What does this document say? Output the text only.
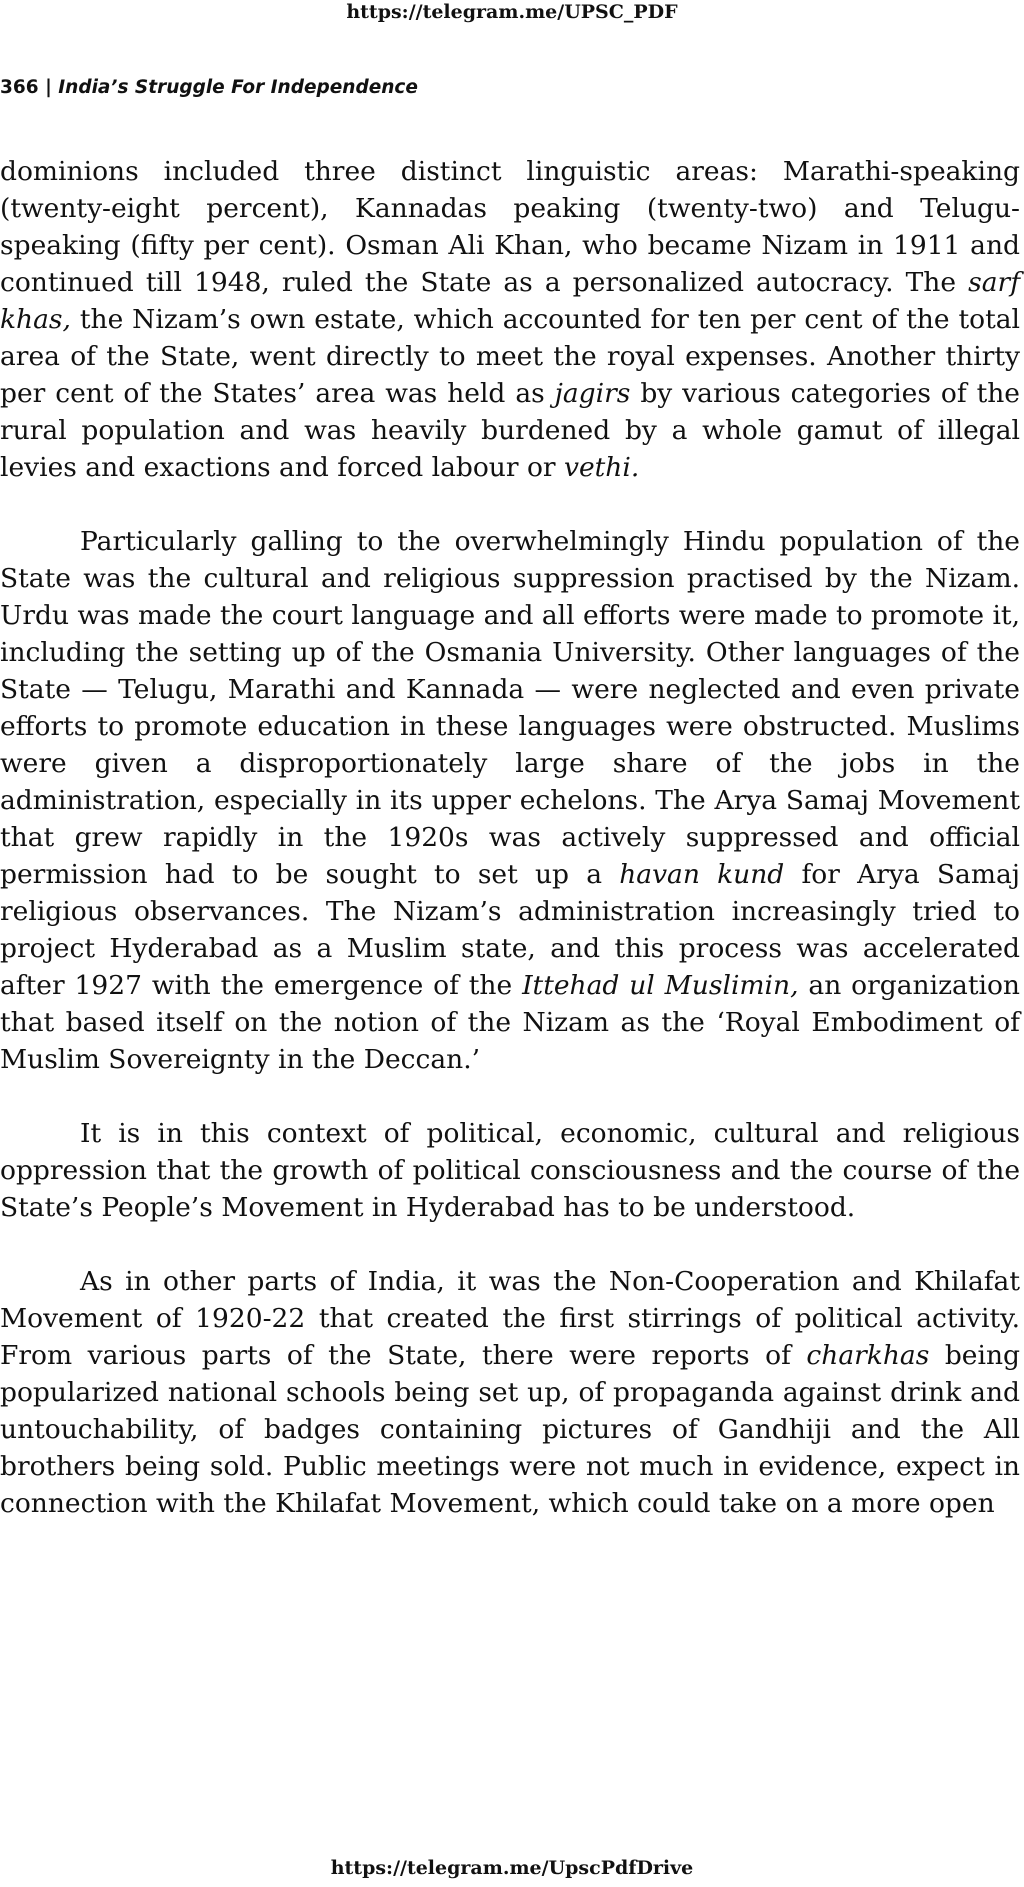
https://telegram.me/UPSC_PDF
366 | India’s Struggle For Independence

dominions included three distinct linguistic areas: Marathi-speaking (twenty-eight percent), Kannadas peaking (twenty-two) and Telugu-speaking (fifty per cent). Osman Ali Khan, who became Nizam in 1911 and continued till 1948, ruled the State as a personalized autocracy. The sarf khas, the Nizam’s own estate, which accounted for ten per cent of the total area of the State, went directly to meet the royal expenses. Another thirty per cent of the States’ area was held as jagirs by various categories of the rural population and was heavily burdened by a whole gamut of illegal levies and exactions and forced labour or vethi.

Particularly galling to the overwhelmingly Hindu population of the State was the cultural and religious suppression practised by the Nizam. Urdu was made the court language and all efforts were made to promote it, including the setting up of the Osmania University. Other languages of the State — Telugu, Marathi and Kannada — were neglected and even private efforts to promote education in these languages were obstructed. Muslims were given a disproportionately large share of the jobs in the administration, especially in its upper echelons. The Arya Samaj Movement that grew rapidly in the 1920s was actively suppressed and official permission had to be sought to set up a havan kund for Arya Samaj religious observances. The Nizam’s administration increasingly tried to project Hyderabad as a Muslim state, and this process was accelerated after 1927 with the emergence of the Ittehad ul Muslimin, an organization that based itself on the notion of the Nizam as the ‘Royal Embodiment of Muslim Sovereignty in the Deccan.’

It is in this context of political, economic, cultural and religious oppression that the growth of political consciousness and the course of the State’s People’s Movement in Hyderabad has to be understood.

As in other parts of India, it was the Non-Cooperation and Khilafat Movement of 1920-22 that created the first stirrings of political activity. From various parts of the State, there were reports of charkhas being popularized national schools being set up, of propaganda against drink and untouchability, of badges containing pictures of Gandhiji and the All brothers being sold. Public meetings were not much in evidence, expect in connection with the Khilafat Movement, which could take on a more open

https://telegram.me/UpscPdfDrive
